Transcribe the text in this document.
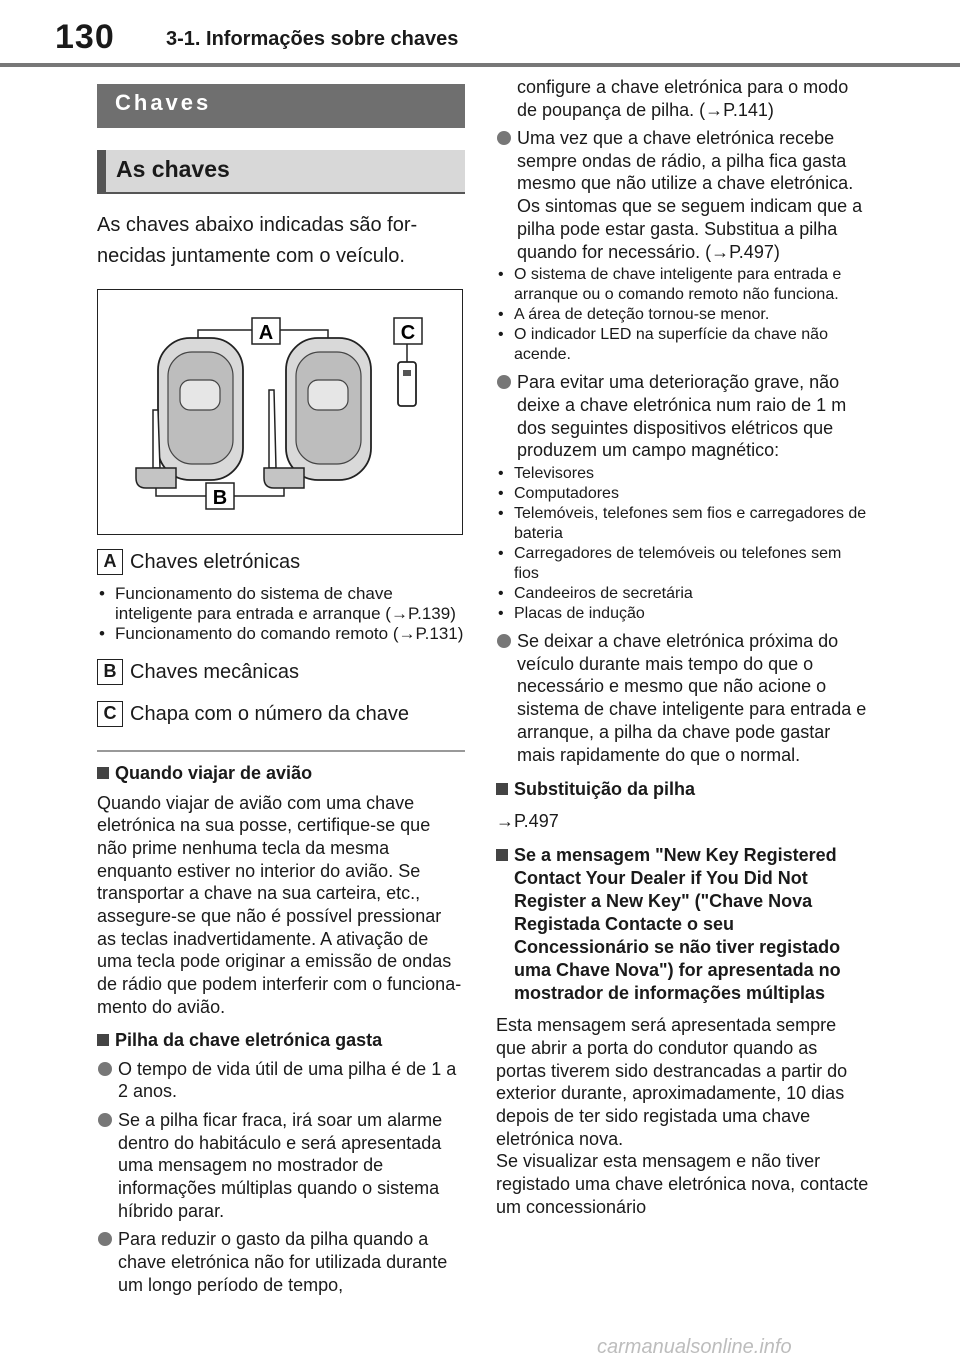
130	3-1. Informações sobre chaves
Chaves
As chaves

As chaves abaixo indicadas são fornecidas juntamente com o veículo.

A	C
B
A Chaves eletrónicas
• Funcionamento do sistema de chave inteligente para entrada e arranque (→P.139)
• Funcionamento do comando remoto (→P.131)
B Chaves mecânicas
C Chapa com o número da chave
Quando viajar de avião

Quando viajar de avião com uma chave eletrónica na sua posse, certifique-se que não prime nenhuma tecla da mesma enquanto estiver no interior do avião. Se transportar a chave na sua carteira, etc., assegure-se que não é possível pressionar as teclas inadvertidamente. A ativação de uma tecla pode originar a emissão de ondas de rádio que podem interferir com o funcionamento do avião.

Pilha da chave eletrónica gasta
O tempo de vida útil de uma pilha é de 1 a 2 anos.
Se a pilha ficar fraca, irá soar um alarme dentro do habitáculo e será apresentada uma mensagem no mostrador de informações múltiplas quando o sistema híbrido parar.
Para reduzir o gasto da pilha quando a chave eletrónica não for utilizada durante um longo período de tempo,

configure a chave eletrónica para o modo de poupança de pilha. (→P.141)

Uma vez que a chave eletrónica recebe sempre ondas de rádio, a pilha fica gasta mesmo que não utilize a chave eletrónica. Os sintomas que se seguem indicam que a pilha pode estar gasta. Substitua a pilha quando for necessário. (→P.497)
• O sistema de chave inteligente para entrada e arranque ou o comando remoto não funciona.
• A área de deteção tornou-se menor.
• O indicador LED na superfície da chave não acende.
Para evitar uma deterioração grave, não deixe a chave eletrónica num raio de 1 m dos seguintes dispositivos elétricos que produzem um campo magnético:
• Televisores
• Computadores
• Telemóveis, telefones sem fios e carregadores de bateria
• Carregadores de telemóveis ou telefones sem fios
• Candeeiros de secretária
• Placas de indução
Se deixar a chave eletrónica próxima do veículo durante mais tempo do que o necessário e mesmo que não acione o sistema de chave inteligente para entrada e arranque, a pilha da chave pode gastar mais rapidamente do que o normal.
Substituição da pilha

→P.497

Se a mensagem "New Key Registered Contact Your Dealer if You Did Not Register a New Key" ("Chave Nova Registada Contacte o seu Concessionário se não tiver registado uma Chave Nova") for apresentada no mostrador de informações múltiplas

Esta mensagem será apresentada sempre que abrir a porta do condutor quando as portas tiverem sido destrancadas a partir do exterior durante, aproximadamente, 10 dias depois de ter sido registada uma chave eletrónica nova.

Se visualizar esta mensagem e não tiver registado uma chave eletrónica nova, contacte um concessionário

carmanualsonline.info
